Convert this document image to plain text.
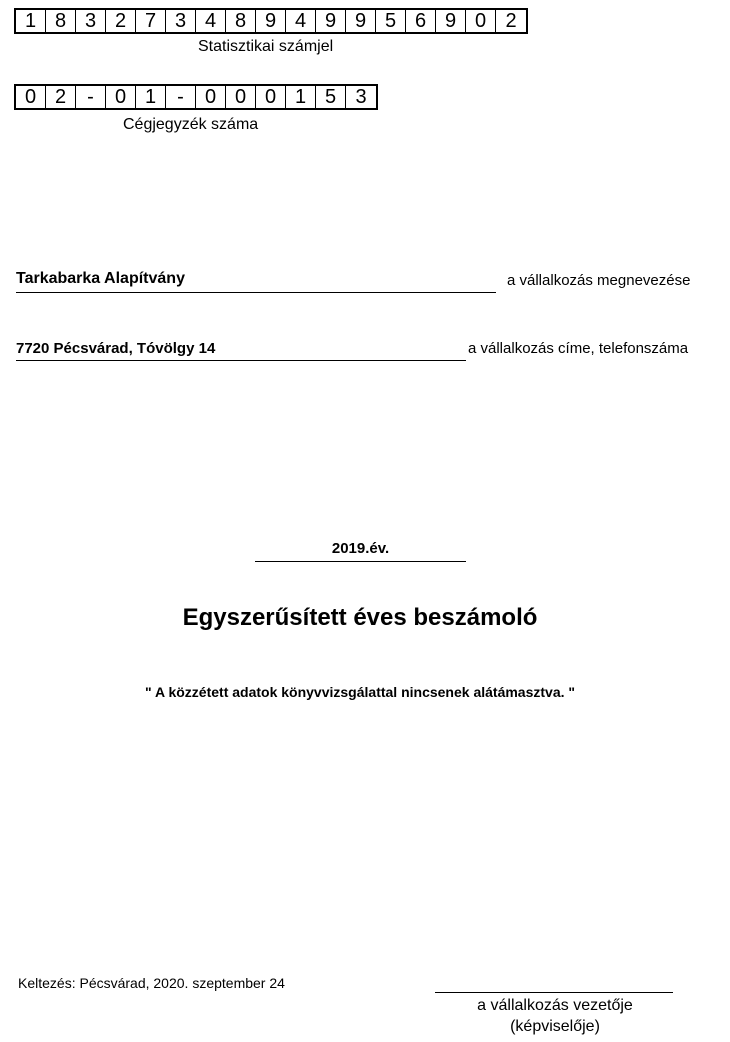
1 8 3 2 7 3 4 8 9 4 9 9 5 6 9 0 2
Statisztikai számjel
0 2	-	0 1	-	0 0 0 1 5 3
Cégjegyzék száma
Tarkabarka Alapítvány	a vállalkozás megnevezése
7720 Pécsvárad, Tóvölgy 14	a vállalkozás címe, telefonszáma
2019.év.
Egyszerűsített éves beszámoló
" A közzétett adatok könyvvizsgálattal nincsenek alátámasztva. "
Keltezés: Pécsvárad, 2020. szeptember 24
a vállalkozás vezetője
(képviselője)
